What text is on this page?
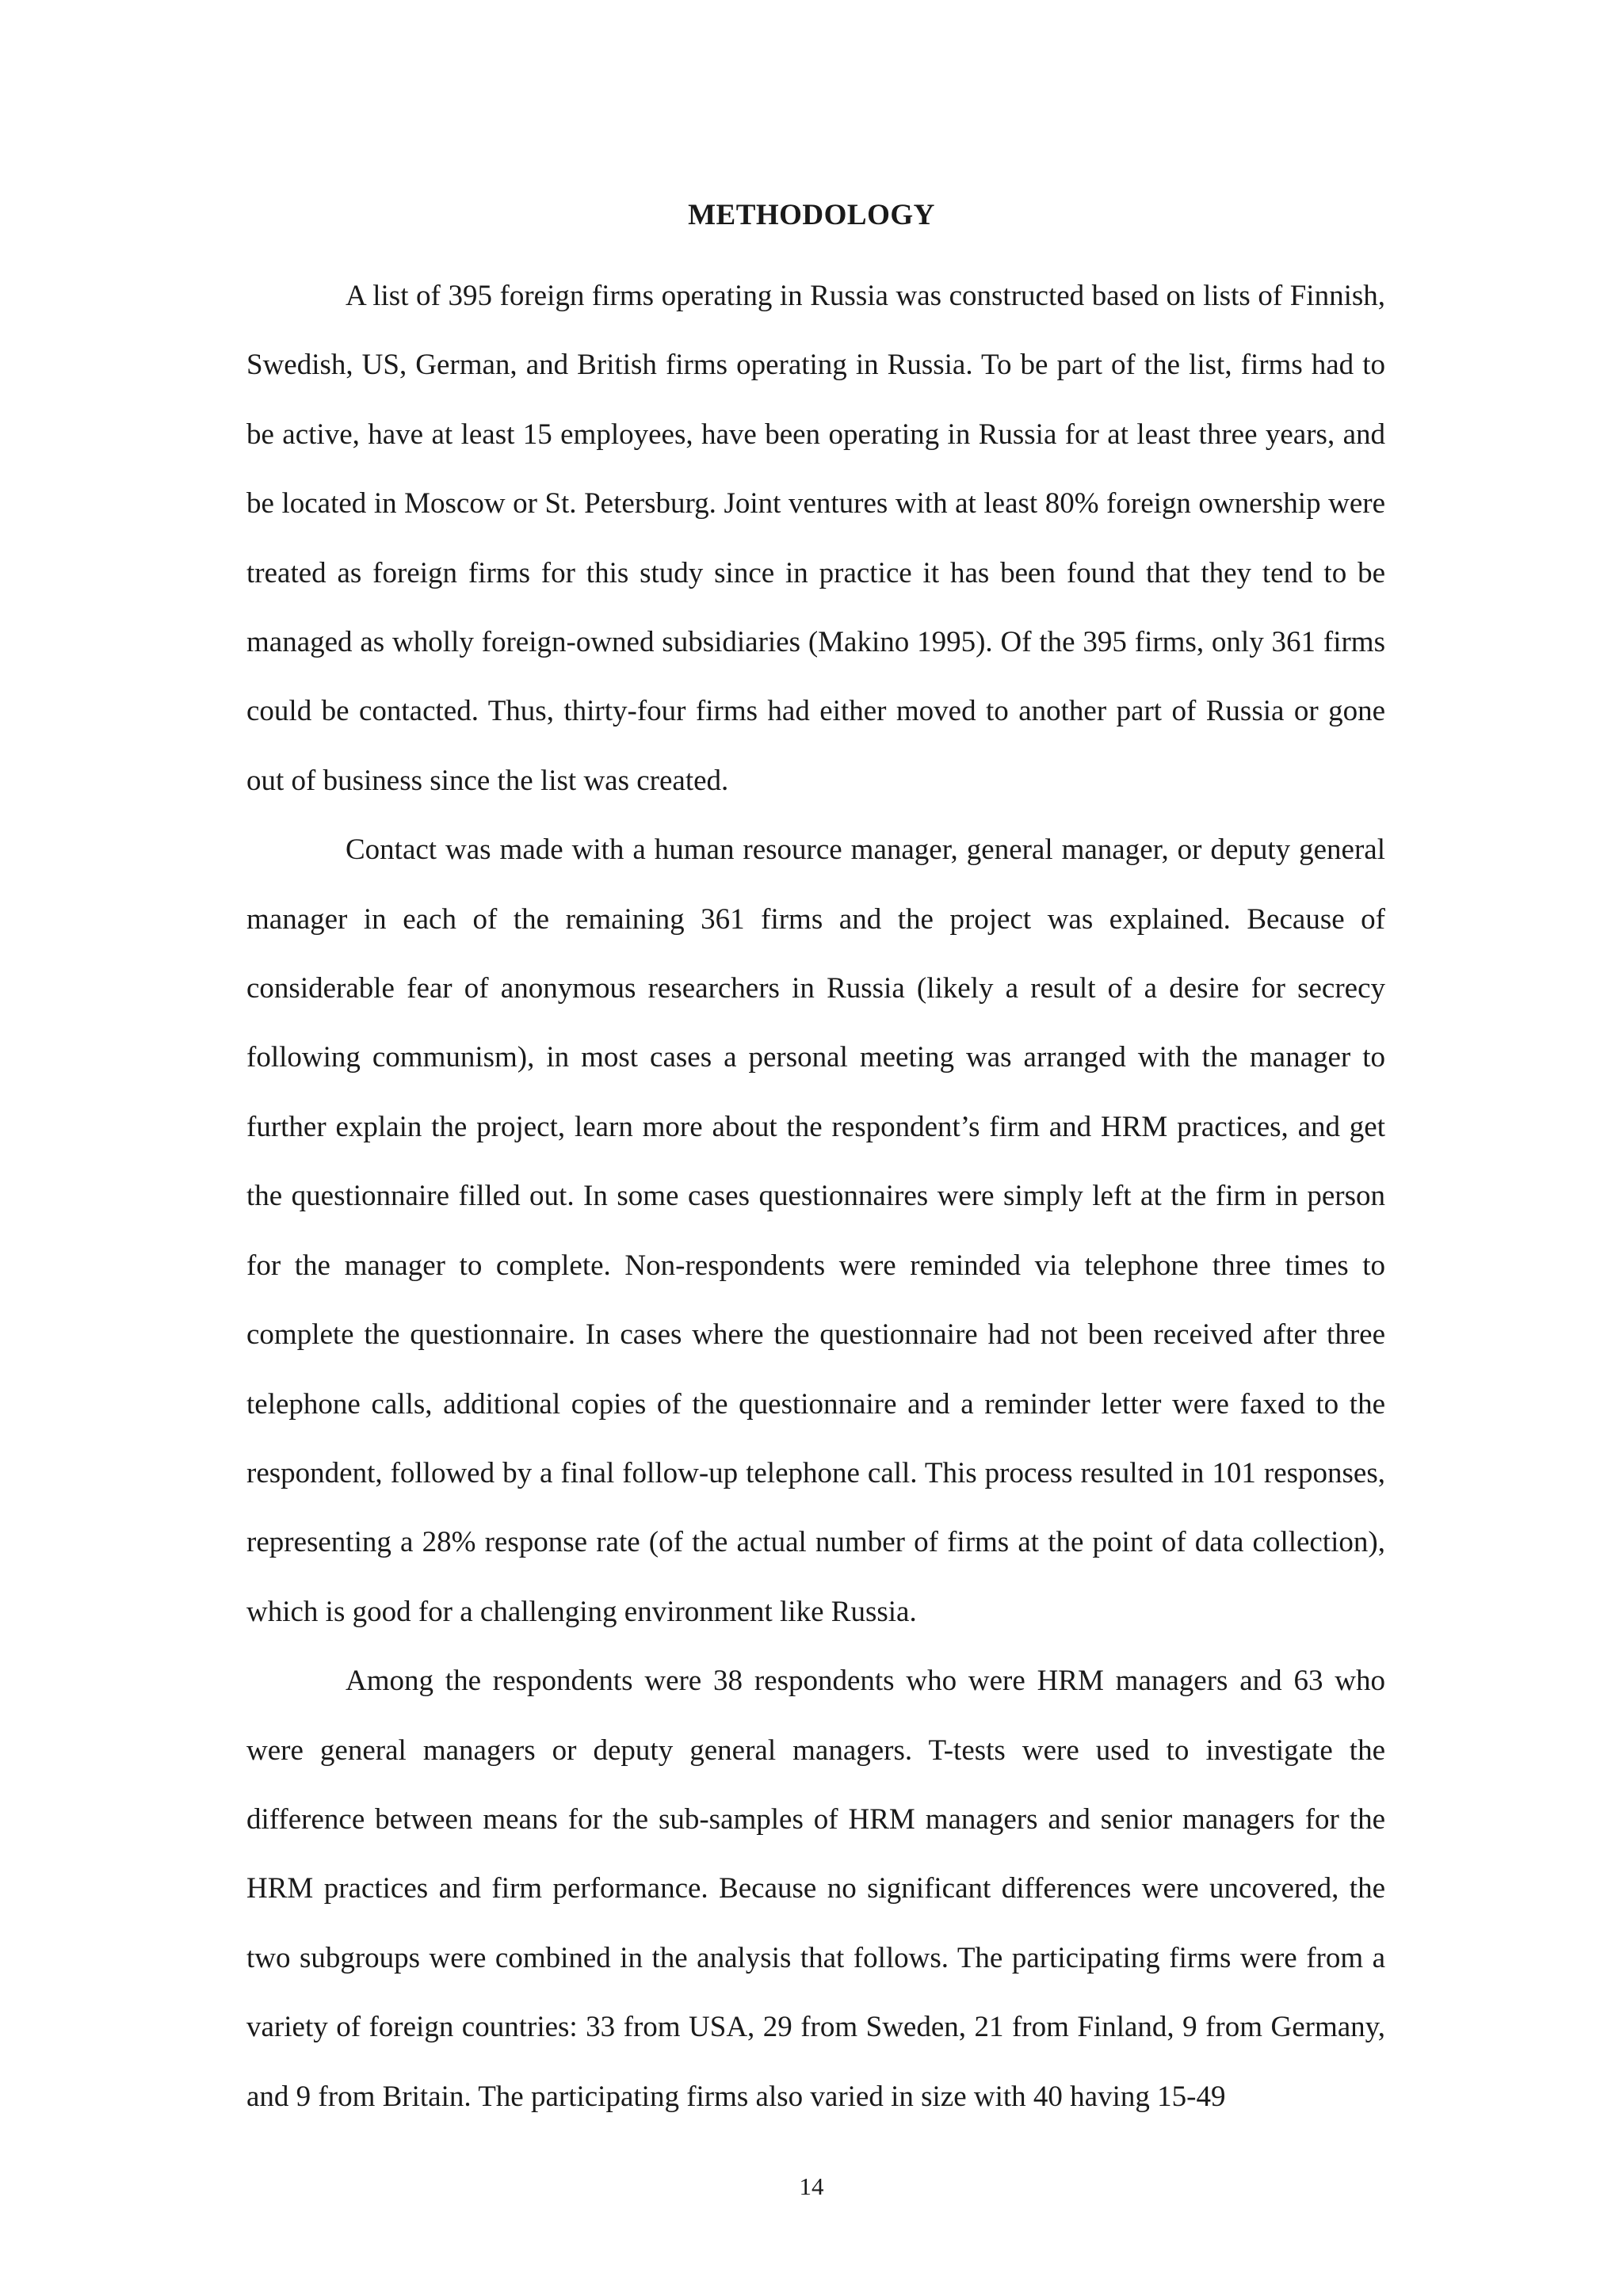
METHODOLOGY

A list of 395 foreign firms operating in Russia was constructed based on lists of Finnish, Swedish, US, German, and British firms operating in Russia. To be part of the list, firms had to be active, have at least 15 employees, have been operating in Russia for at least three years, and be located in Moscow or St. Petersburg. Joint ventures with at least 80% foreign ownership were treated as foreign firms for this study since in practice it has been found that they tend to be managed as wholly foreign-owned subsidiaries (Makino 1995). Of the 395 firms, only 361 firms could be contacted. Thus, thirty-four firms had either moved to another part of Russia or gone out of business since the list was created.

Contact was made with a human resource manager, general manager, or deputy general manager in each of the remaining 361 firms and the project was explained. Because of considerable fear of anonymous researchers in Russia (likely a result of a desire for secrecy following communism), in most cases a personal meeting was arranged with the manager to further explain the project, learn more about the respondent’s firm and HRM practices, and get the questionnaire filled out. In some cases questionnaires were simply left at the firm in person for the manager to complete. Non-respondents were reminded via telephone three times to complete the questionnaire. In cases where the questionnaire had not been received after three telephone calls, additional copies of the questionnaire and a reminder letter were faxed to the respondent, followed by a final follow-up telephone call. This process resulted in 101 responses, representing a 28% response rate (of the actual number of firms at the point of data collection), which is good for a challenging environment like Russia.

Among the respondents were 38 respondents who were HRM managers and 63 who were general managers or deputy general managers. T-tests were used to investigate the difference between means for the sub-samples of HRM managers and senior managers for the HRM practices and firm performance. Because no significant differences were uncovered, the two subgroups were combined in the analysis that follows. The participating firms were from a variety of foreign countries: 33 from USA, 29 from Sweden, 21 from Finland, 9 from Germany, and 9 from Britain. The participating firms also varied in size with 40 having 15-49

14
